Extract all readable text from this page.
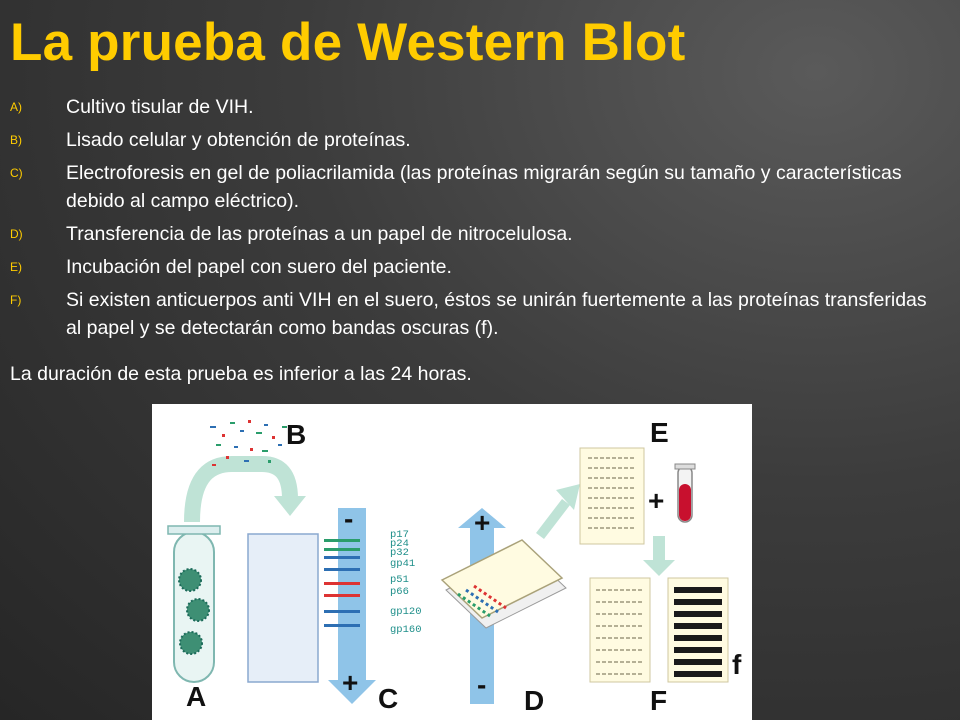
La prueba de Western Blot
A) Cultivo tisular de VIH.
B) Lisado celular y obtención de proteínas.
C) Electroforesis en gel de poliacrilamida (las proteínas migrarán según su tamaño y características debido al campo eléctrico).
D) Transferencia de las proteínas a un papel de nitrocelulosa.
E) Incubación del papel con suero del paciente.
F) Si existen anticuerpos anti VIH en el suero, éstos se unirán fuertemente a las proteínas transferidas al papel y se detectarán como bandas oscuras (f).
La duración de esta prueba es inferior a las 24 horas.
B
-
+
p17
p24
p32
gp41
p51
p66
gp120
gp160
A	C
+
-
D
E
+
f
F
